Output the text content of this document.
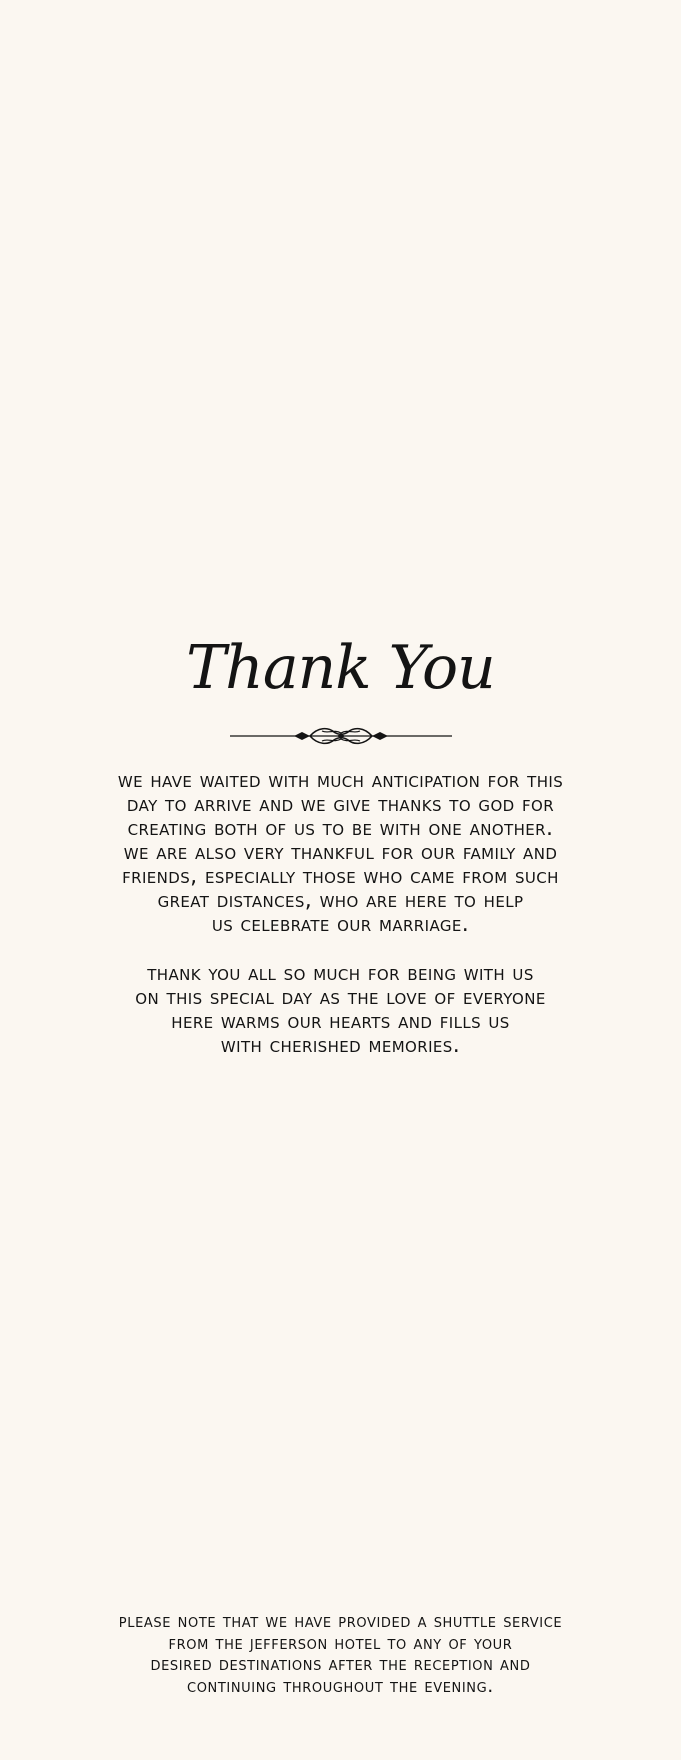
Thank You

we have waited with much anticipation for this
day to arrive and we give thanks to god for
creating both of us to be with one another.
we are also very thankful for our family and
friends, especially those who came from such
great distances, who are here to help
us celebrate our marriage.

thank you all so much for being with us
on this special day as the love of everyone
here warms our hearts and fills us
with cherished memories.

please note that we have provided a shuttle service
from the jefferson hotel to any of your
desired destinations after the reception and
continuing throughout the evening.
